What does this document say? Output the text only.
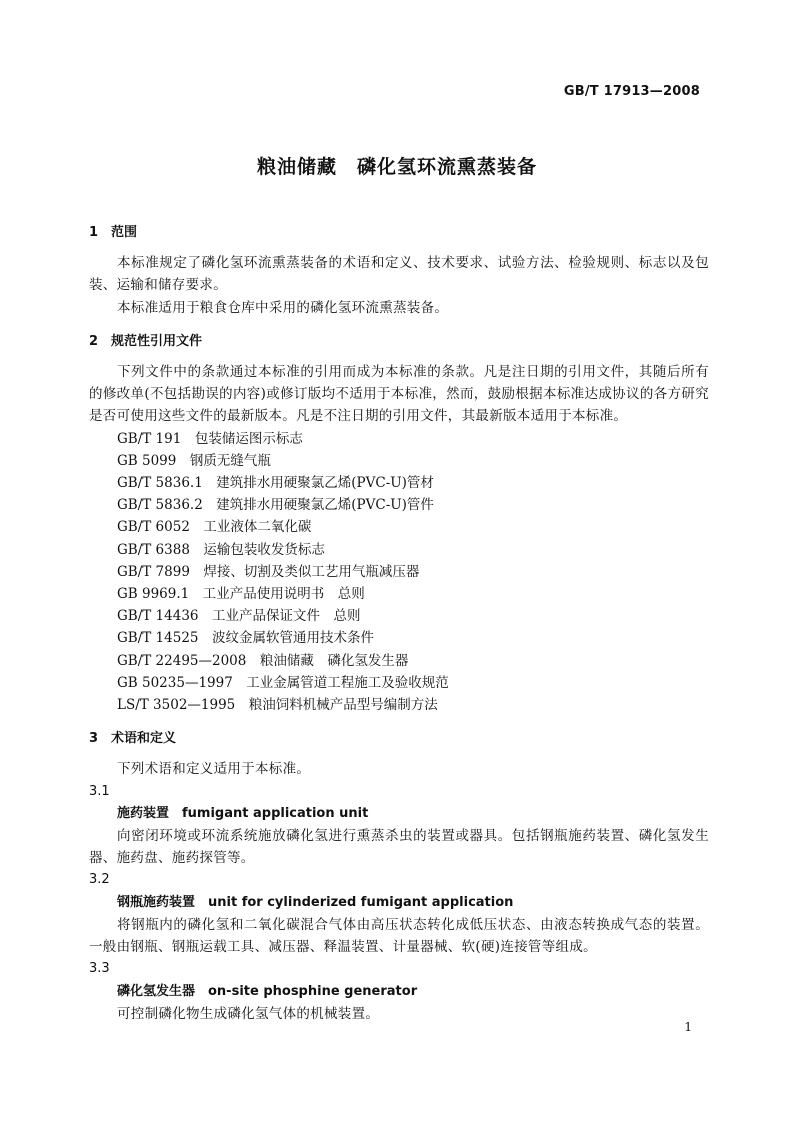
GB/T 17913—2008
粮油储藏　磷化氢环流熏蒸装备

1 范围

本标准规定了磷化氢环流熏蒸装备的术语和定义、技术要求、试验方法、检验规则、标志以及包装、运输和储存要求。

本标准适用于粮食仓库中采用的磷化氢环流熏蒸装备。

2 规范性引用文件

下列文件中的条款通过本标准的引用而成为本标准的条款。凡是注日期的引用文件，其随后所有的修改单(不包括勘误的内容)或修订版均不适用于本标准，然而，鼓励根据本标准达成协议的各方研究是否可使用这些文件的最新版本。凡是不注日期的引用文件，其最新版本适用于本标准。

GB/T 191　包装储运图示标志

GB 5099　钢质无缝气瓶

GB/T 5836.1　建筑排水用硬聚氯乙烯(PVC-U)管材

GB/T 5836.2　建筑排水用硬聚氯乙烯(PVC-U)管件

GB/T 6052　工业液体二氧化碳

GB/T 6388　运输包装收发货标志

GB/T 7899　焊接、切割及类似工艺用气瓶减压器

GB 9969.1　工业产品使用说明书　总则

GB/T 14436　工业产品保证文件　总则

GB/T 14525　波纹金属软管通用技术条件

GB/T 22495—2008　粮油储藏　磷化氢发生器

GB 50235—1997　工业金属管道工程施工及验收规范

LS/T 3502—1995　粮油饲料机械产品型号编制方法

3 术语和定义

下列术语和定义适用于本标准。

3.1

施药装置　fumigant application unit

向密闭环境或环流系统施放磷化氢进行熏蒸杀虫的装置或器具。包括钢瓶施药装置、磷化氢发生器、施药盘、施药探管等。

3.2

钢瓶施药装置　unit for cylinderized fumigant application

将钢瓶内的磷化氢和二氧化碳混合气体由高压状态转化成低压状态、由液态转换成气态的装置。一般由钢瓶、钢瓶运载工具、减压器、释温装置、计量器械、软(硬)连接管等组成。

3.3

磷化氢发生器　on-site phosphine generator

可控制磷化物生成磷化氢气体的机械装置。

1
